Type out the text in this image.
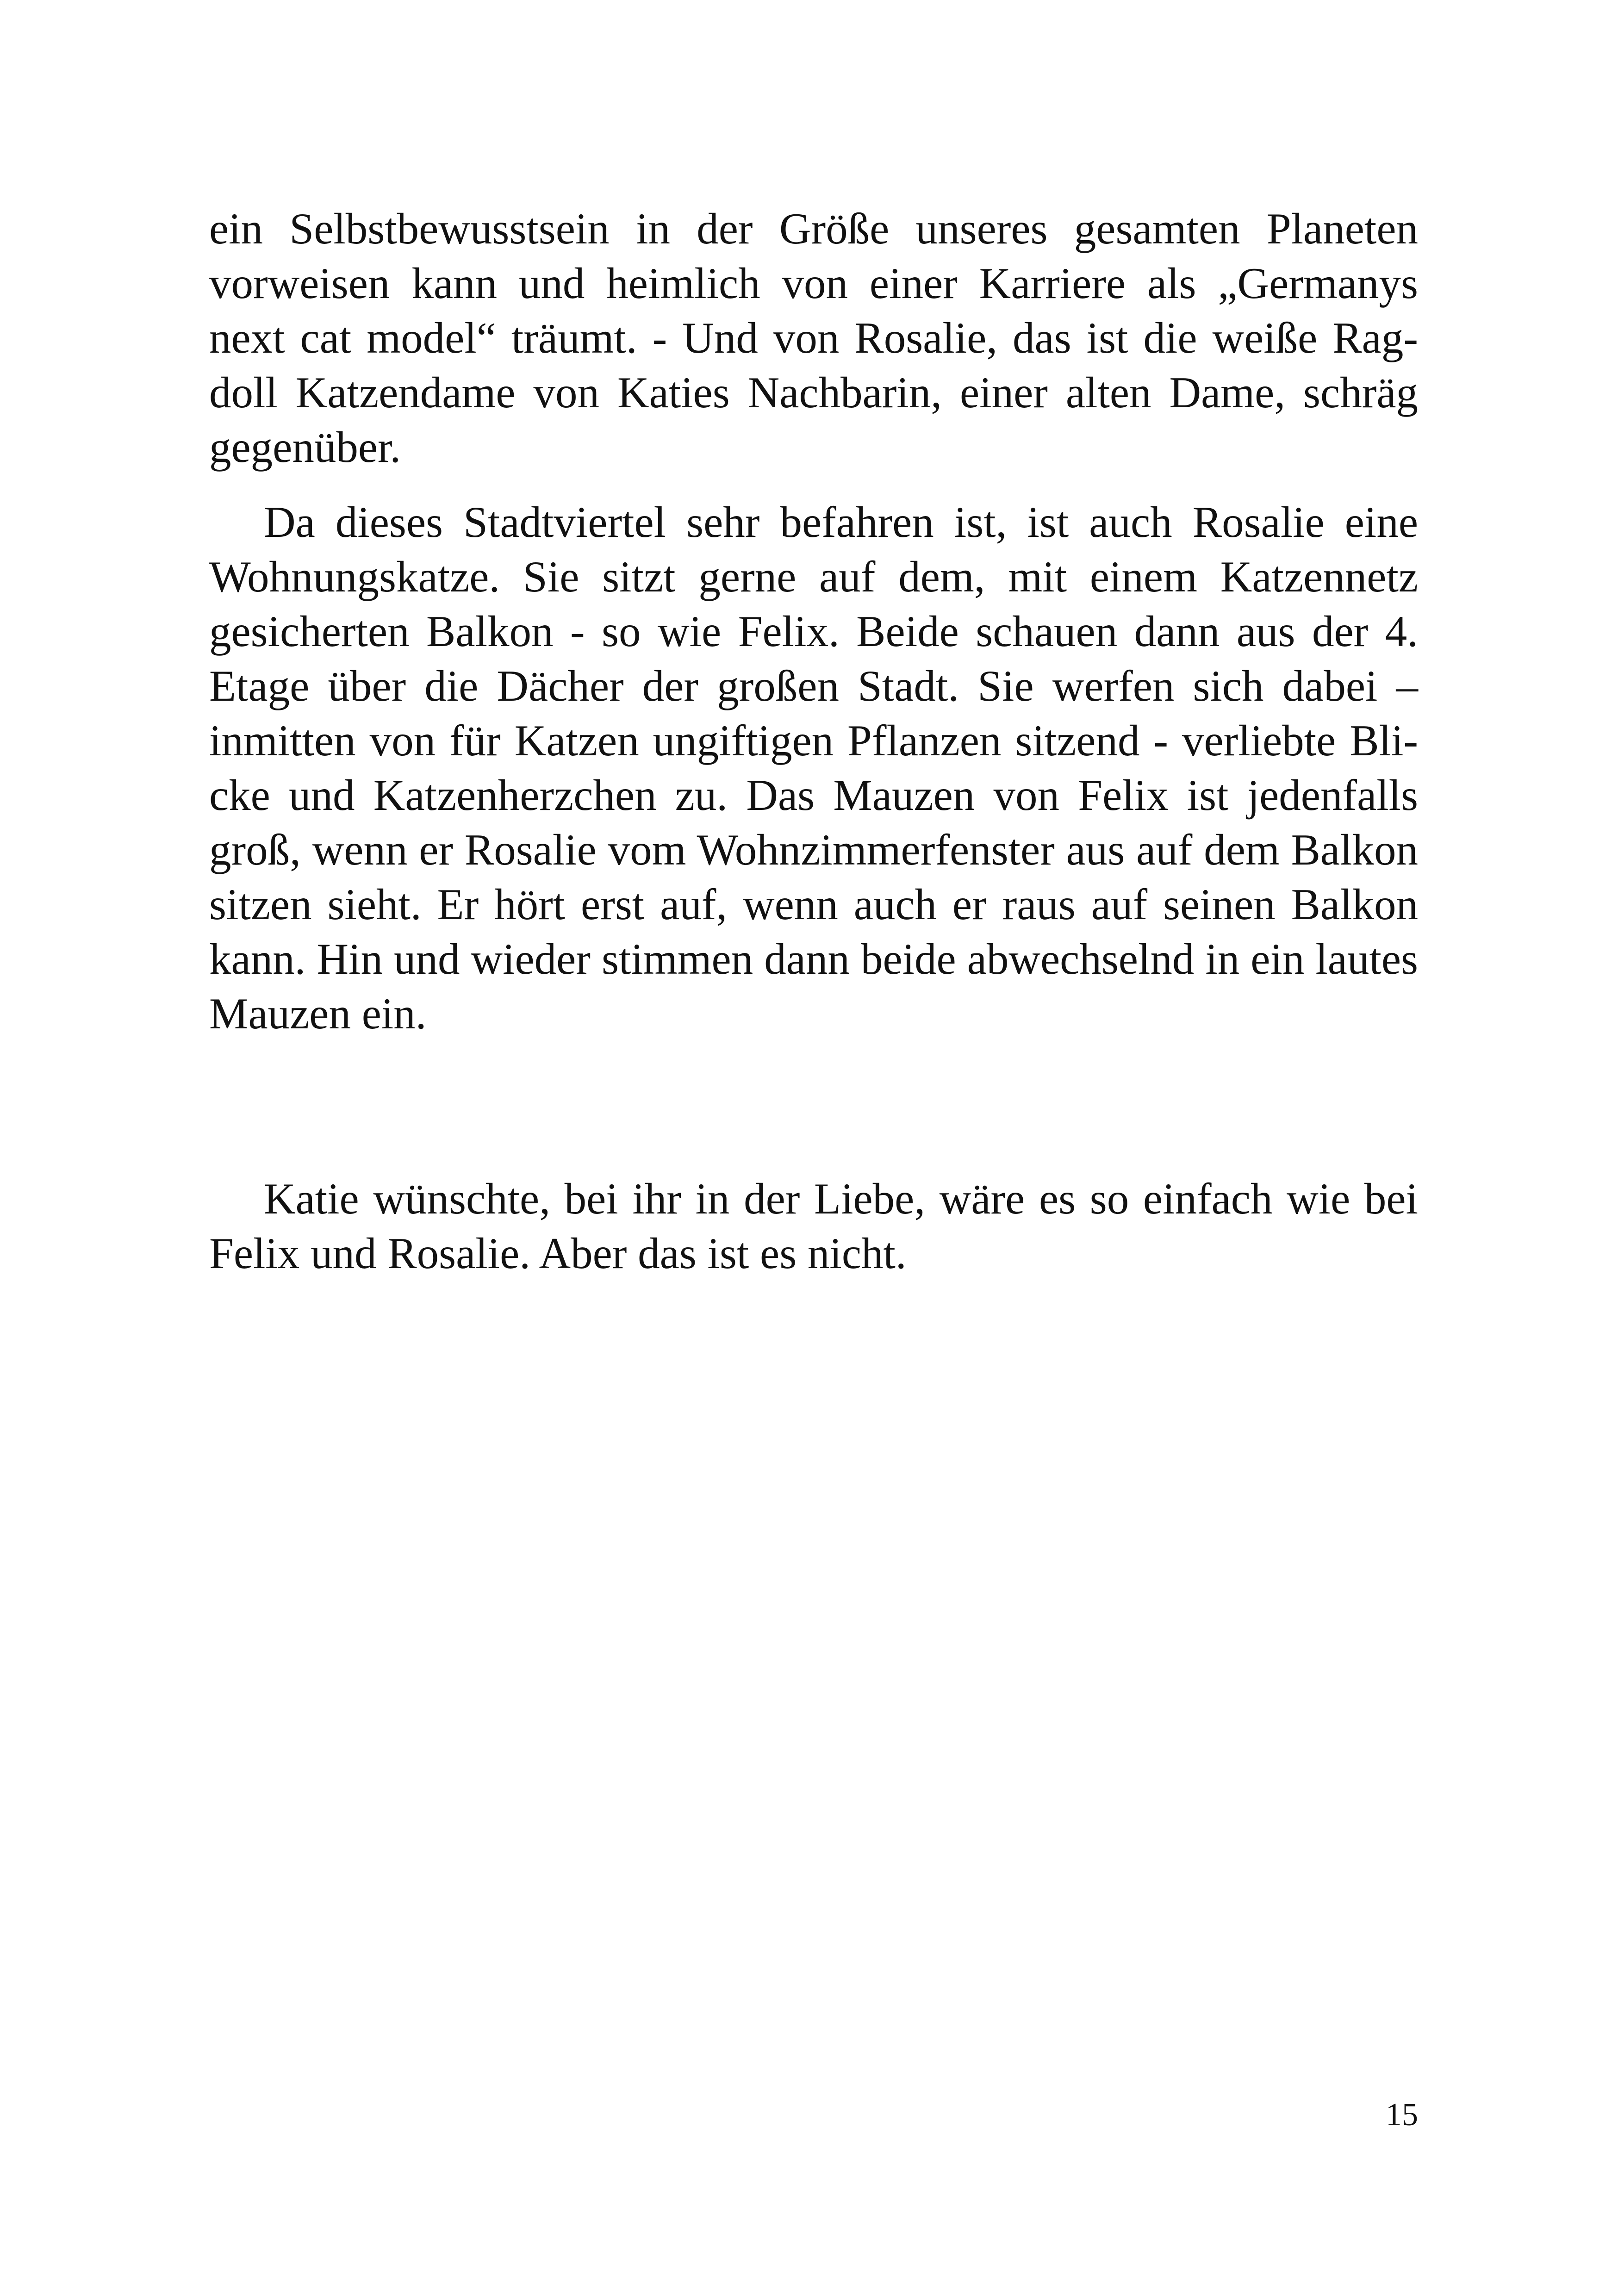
ein Selbstbewusstsein in der Größe unseres gesamten Planeten vorweisen kann und heimlich von einer Karriere als „Germanys next cat model“ träumt. - Und von Rosalie, das ist die weiße Ragdoll Katzendame von Katies Nachbarin, einer alten Dame, schräg gegenüber.

Da dieses Stadtviertel sehr befahren ist, ist auch Rosalie eine Wohnungskatze. Sie sitzt gerne auf dem, mit einem Katzennetz gesicherten Balkon - so wie Felix. Beide schauen dann aus der 4. Etage über die Dächer der großen Stadt. Sie werfen sich dabei – inmitten von für Katzen ungiftigen Pflanzen sitzend - verliebte Blicke und Katzenherzchen zu. Das Mauzen von Felix ist jedenfalls groß, wenn er Rosalie vom Wohnzimmerfenster aus auf dem Balkon sitzen sieht. Er hört erst auf, wenn auch er raus auf seinen Balkon kann. Hin und wieder stimmen dann beide abwechselnd in ein lautes Mauzen ein.

Katie wünschte, bei ihr in der Liebe, wäre es so einfach wie bei Felix und Rosalie. Aber das ist es nicht.

15
